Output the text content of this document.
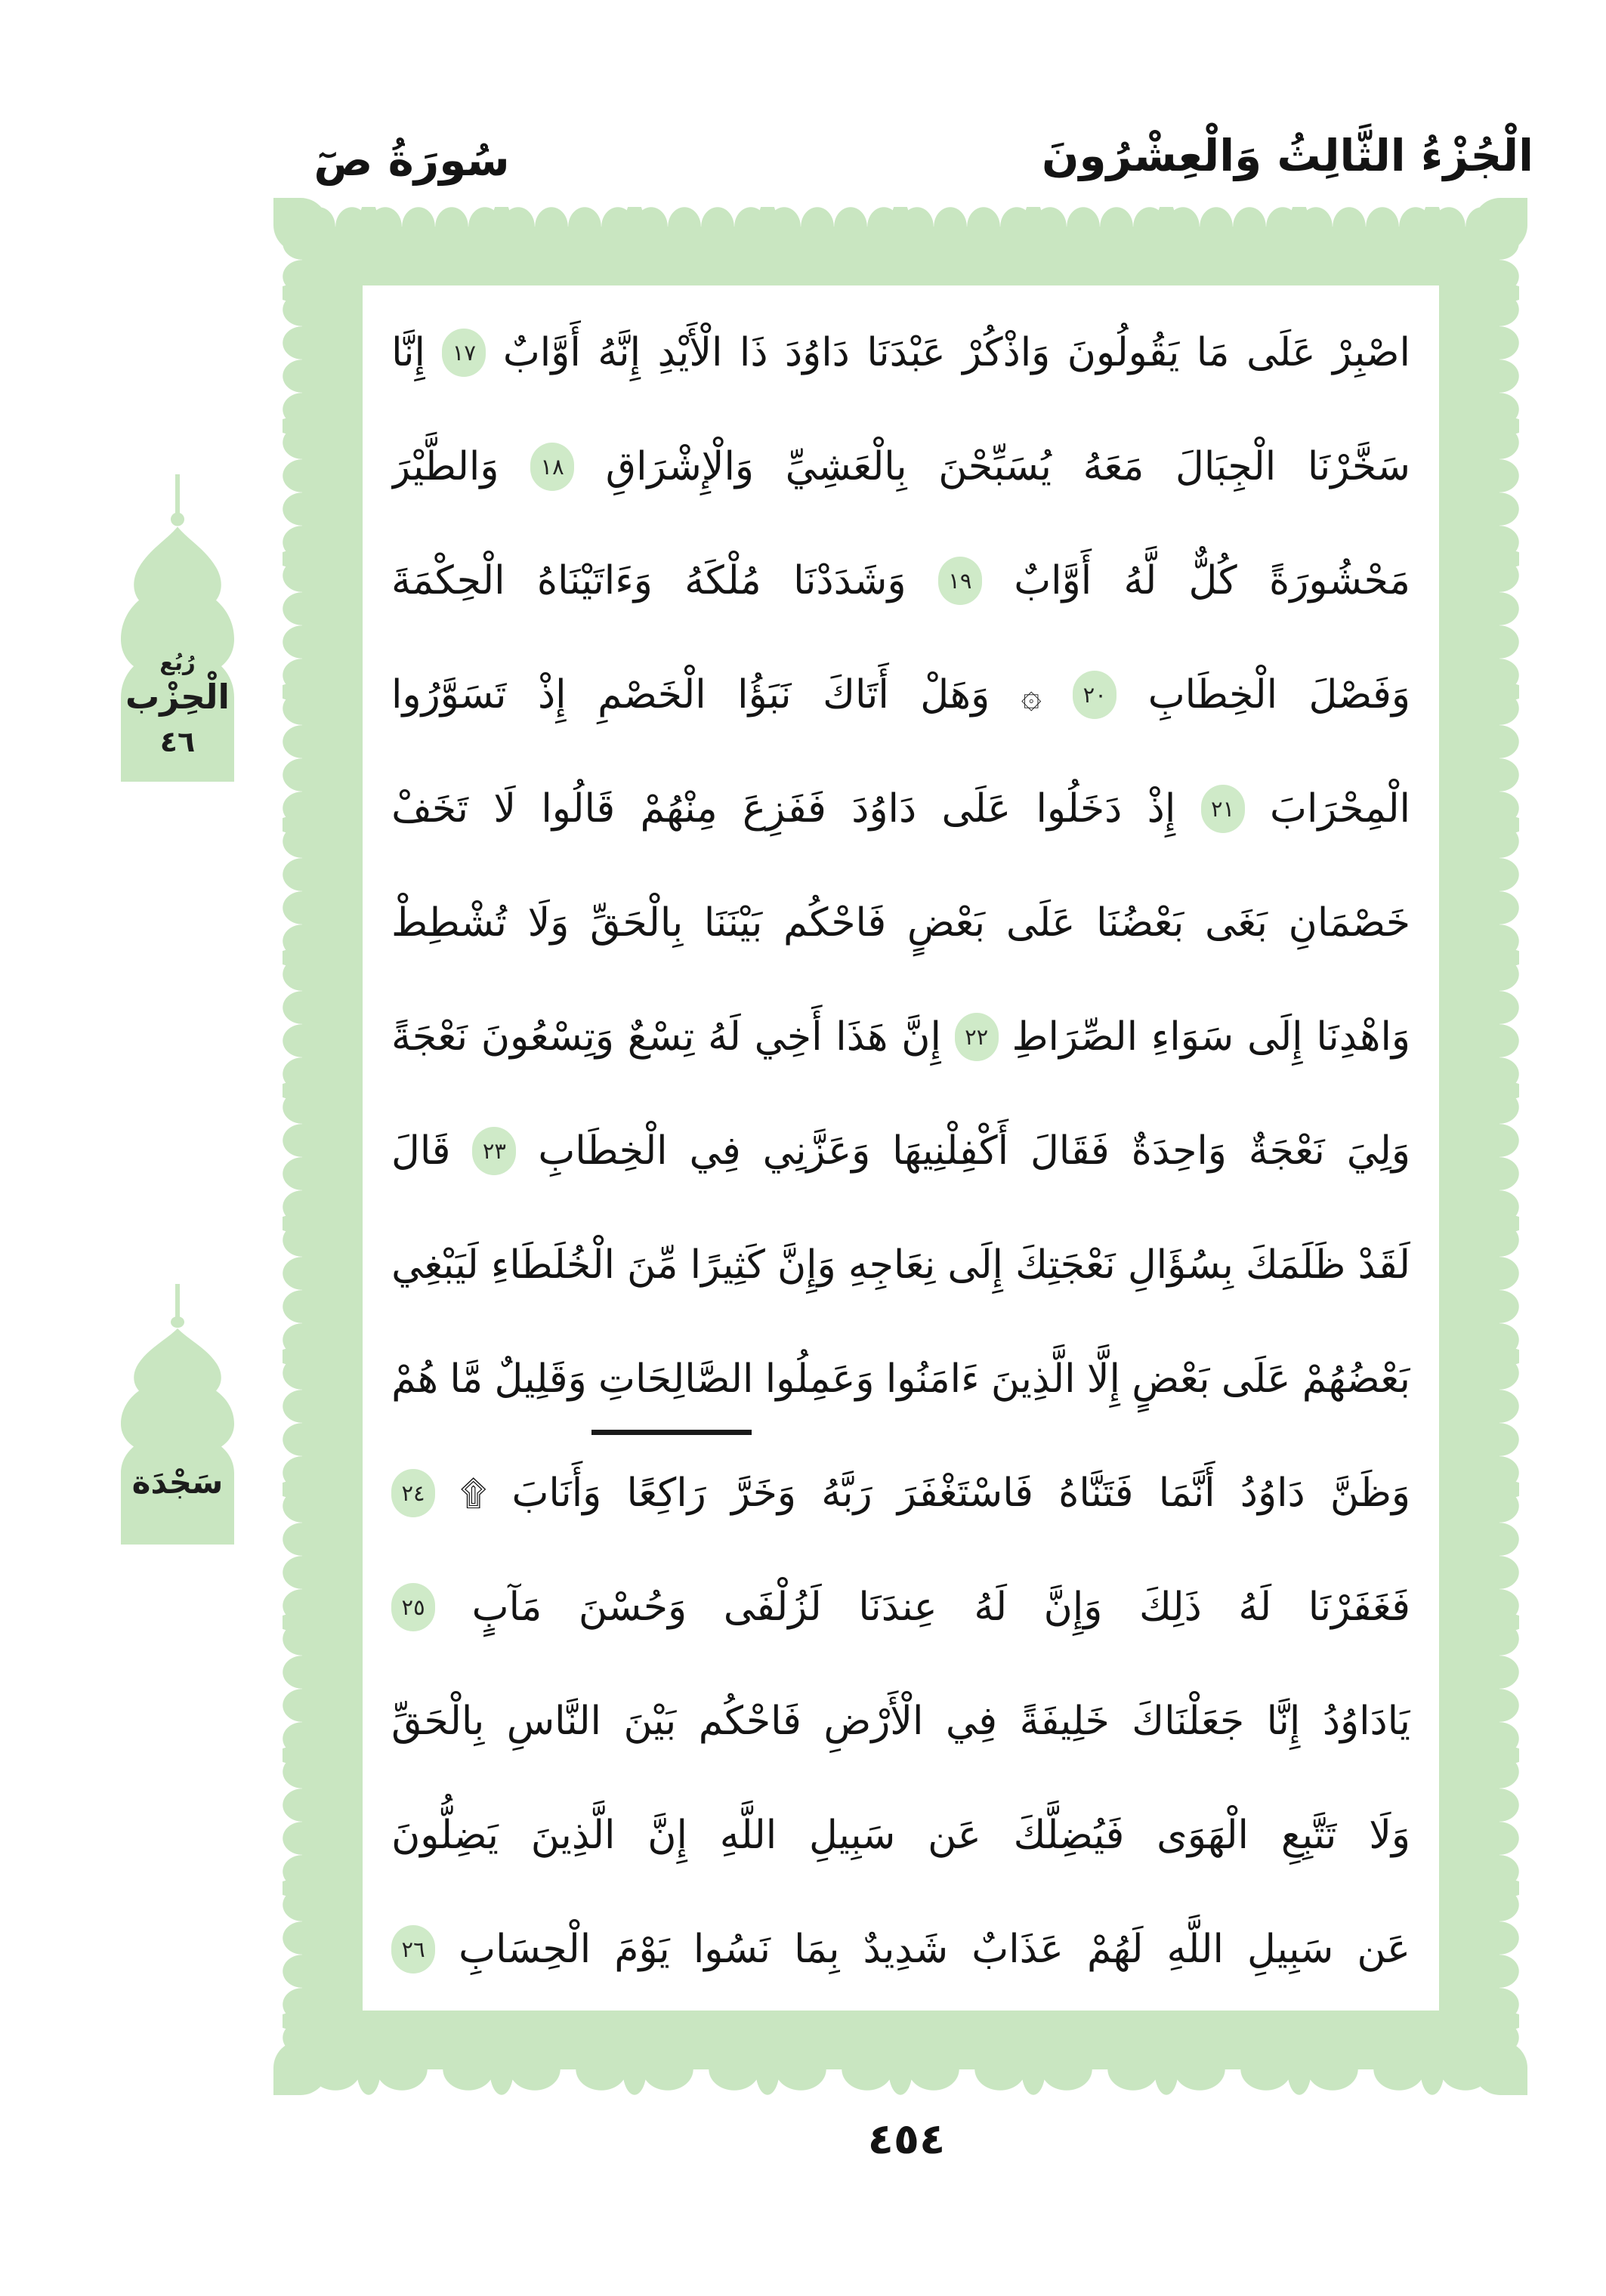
سُورَةُ صٓ	الْجُزْءُ الثَّالِثُ وَالْعِشْرُونَ
رُبُع
الْحِزْب
٤٦
سَجْدَة
اصْبِرْ
عَلَى
مَا
يَقُولُونَ
وَاذْكُرْ
عَبْدَنَا
دَاوُدَ
ذَا
الْأَيْدِ
إِنَّهُ
أَوَّابٌ
١٧
إِنَّا
سَخَّرْنَا
الْجِبَالَ
مَعَهُ
يُسَبِّحْنَ
بِالْعَشِيِّ
وَالْإِشْرَاقِ
١٨
وَالطَّيْرَ
مَحْشُورَةً
كُلٌّ
لَّهُ
أَوَّابٌ
١٩
وَشَدَدْنَا
مُلْكَهُ
وَءَاتَيْنَاهُ
الْحِكْمَةَ
وَفَصْلَ
الْخِطَابِ
٢٠
۞
وَهَلْ
أَتَاكَ
نَبَؤُا
الْخَصْمِ
إِذْ
تَسَوَّرُوا
الْمِحْرَابَ
٢١
إِذْ
دَخَلُوا
عَلَى
دَاوُدَ
فَفَزِعَ
مِنْهُمْ
قَالُوا
لَا
تَخَفْ
خَصْمَانِ
بَغَى
بَعْضُنَا
عَلَى
بَعْضٍ
فَاحْكُم
بَيْنَنَا
بِالْحَقِّ
وَلَا
تُشْطِطْ
وَاهْدِنَا
إِلَى
سَوَاءِ
الصِّرَاطِ
٢٢
إِنَّ
هَذَا
أَخِي
لَهُ
تِسْعٌ
وَتِسْعُونَ
نَعْجَةً
وَلِيَ
نَعْجَةٌ
وَاحِدَةٌ
فَقَالَ
أَكْفِلْنِيهَا
وَعَزَّنِي
فِي
الْخِطَابِ
٢٣
قَالَ
لَقَدْ
ظَلَمَكَ
بِسُؤَالِ
نَعْجَتِكَ
إِلَى
نِعَاجِهِ
وَإِنَّ
كَثِيرًا
مِّنَ
الْخُلَطَاءِ
لَيَبْغِي
بَعْضُهُمْ
عَلَى
بَعْضٍ
إِلَّا
الَّذِينَ
ءَامَنُوا
وَعَمِلُوا
الصَّالِحَاتِ
وَقَلِيلٌ
مَّا
هُمْ
وَظَنَّ
دَاوُدُ
أَنَّمَا
فَتَنَّاهُ
فَاسْتَغْفَرَ
رَبَّهُ
وَخَرَّ
رَاكِعًا
وَأَنَابَ
۩
٢٤
فَغَفَرْنَا
لَهُ
ذَلِكَ
وَإِنَّ
لَهُ
عِندَنَا
لَزُلْفَى
وَحُسْنَ
مَآبٍ
٢٥
يَادَاوُدُ
إِنَّا
جَعَلْنَاكَ
خَلِيفَةً
فِي
الْأَرْضِ
فَاحْكُم
بَيْنَ
النَّاسِ
بِالْحَقِّ
وَلَا
تَتَّبِعِ
الْهَوَى
فَيُضِلَّكَ
عَن
سَبِيلِ
اللَّهِ
إِنَّ
الَّذِينَ
يَضِلُّونَ
عَن
سَبِيلِ
اللَّهِ
لَهُمْ
عَذَابٌ
شَدِيدٌ
بِمَا
نَسُوا
يَوْمَ
الْحِسَابِ
٢٦
٤٥٤
